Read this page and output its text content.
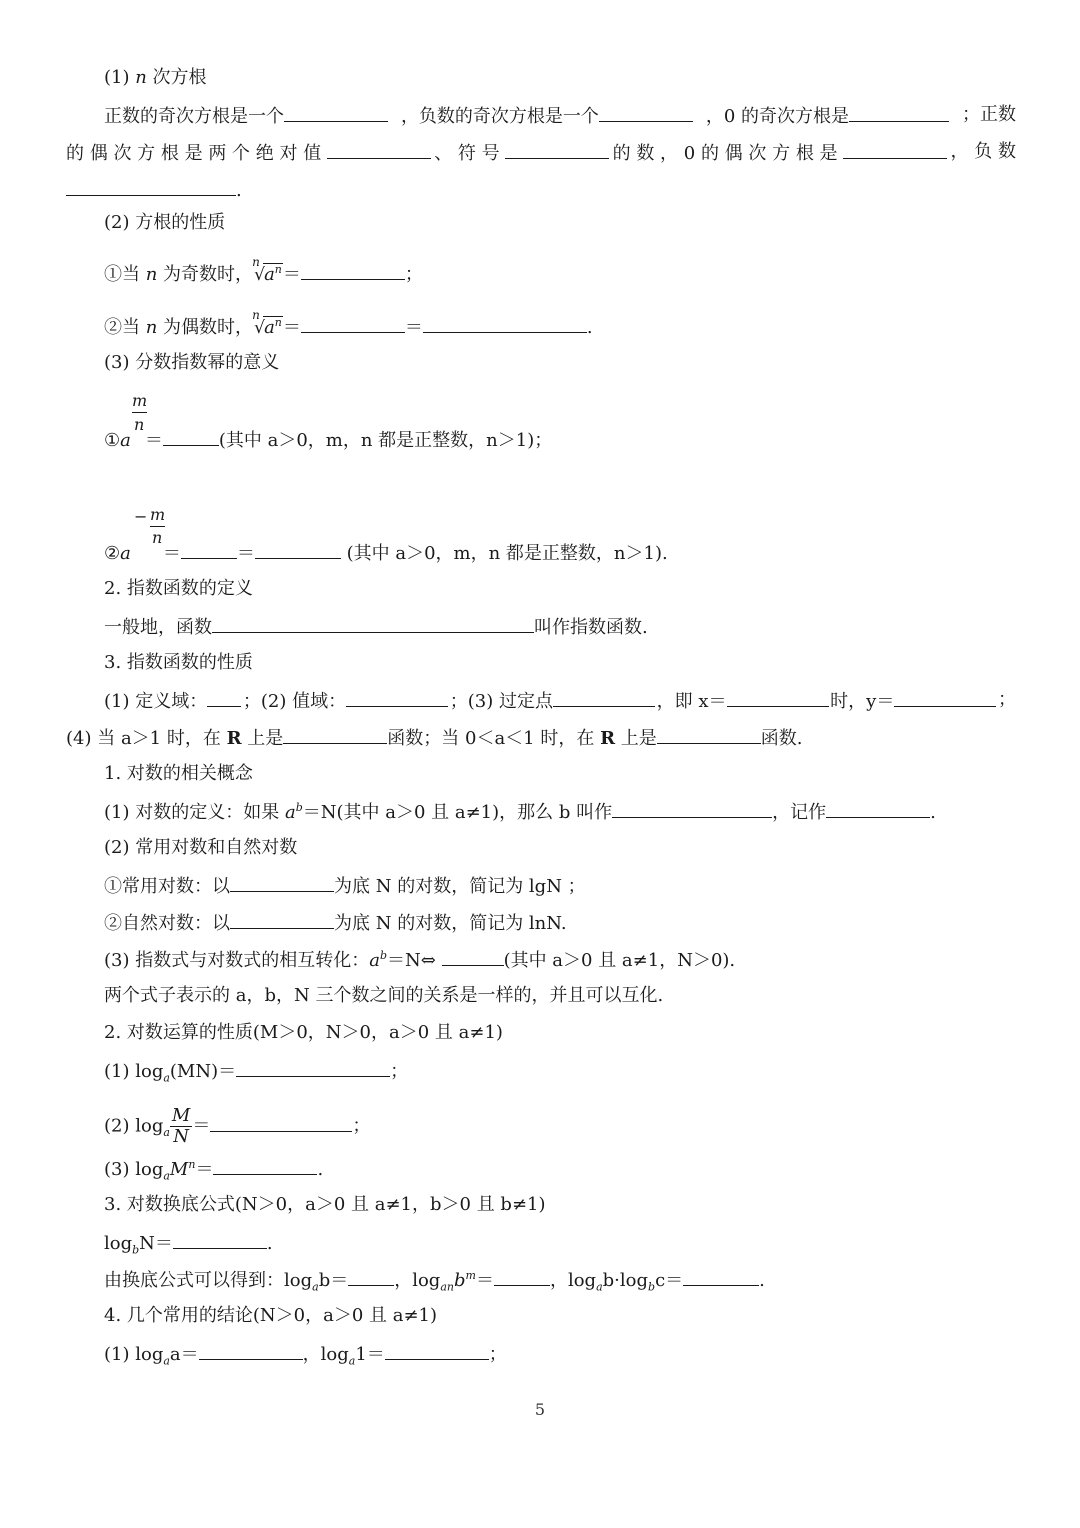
(1) n 次方根
正数的奇次方根是一个	，负数的奇次方根是一个	，0 的奇次方根是	；正数
的 偶 次 方 根 是 两 个 绝 对 值	、 符 号	的 数 ， 0 的 偶 次 方 根 是	， 负 数
.
(2) 方根的性质
①当 n 为奇数时，
n
√ $a^n=$	；
②当 n 为偶数时，
n
√ $a^n=$	＝	.
(3) 分数指数幂的意义
m
n
①a ＝	(其中 a＞0，m，n 都是正整数，n＞1)；
− m
n
②a ＝	＝	(其中 a＞0，m，n 都是正整数，n＞1).
2. 指数函数的定义
一般地，函数	叫作指数函数.
3. 指数函数的性质
(1) 定义域：	；(2) 值域：	；(3) 过定点	，即 x＝	时，y＝	；
(4) 当 a＞1 时，在 R 上是	函数；当 0＜a＜1 时，在 R 上是	函数.
1. 对数的相关概念
(1) 对数的定义：如果 $a^b=N$(其中 a＞0 且 a≠1)，那么 b 叫作	，记作	.
(2) 常用对数和自然对数
①常用对数：以	为底 N 的对数，简记为 lgN ；
②自然对数：以	为底 N 的对数，简记为 lnN.
(3) 指数式与对数式的相互转化：$a^b=N\Leftrightarrow$	(其中 a＞0 且 a≠1，N＞0).
两个式子表示的 a，b，N 三个数之间的关系是一样的，并且可以互化.
2. 对数运算的性质(M＞0，N＞0，a＞0 且 a≠1)
(1) $\log_a(MN)=$	；
(2) $\log_a \frac{M}{N}$ ＝	；
(3) $\log_aM^n=$	.
3. 对数换底公式(N＞0，a＞0 且 a≠1，b＞0 且 b≠1)
$\log_bN=$	.
由换底公式可以得到：$\log_ab=$	，$\log_{an}b^m=$	，$\log_ab\cdot\log_bc=$	.
4. 几个常用的结论(N＞0，a＞0 且 a≠1)
(1) $\log_aa=$	，$\log_a1=$	；
5
